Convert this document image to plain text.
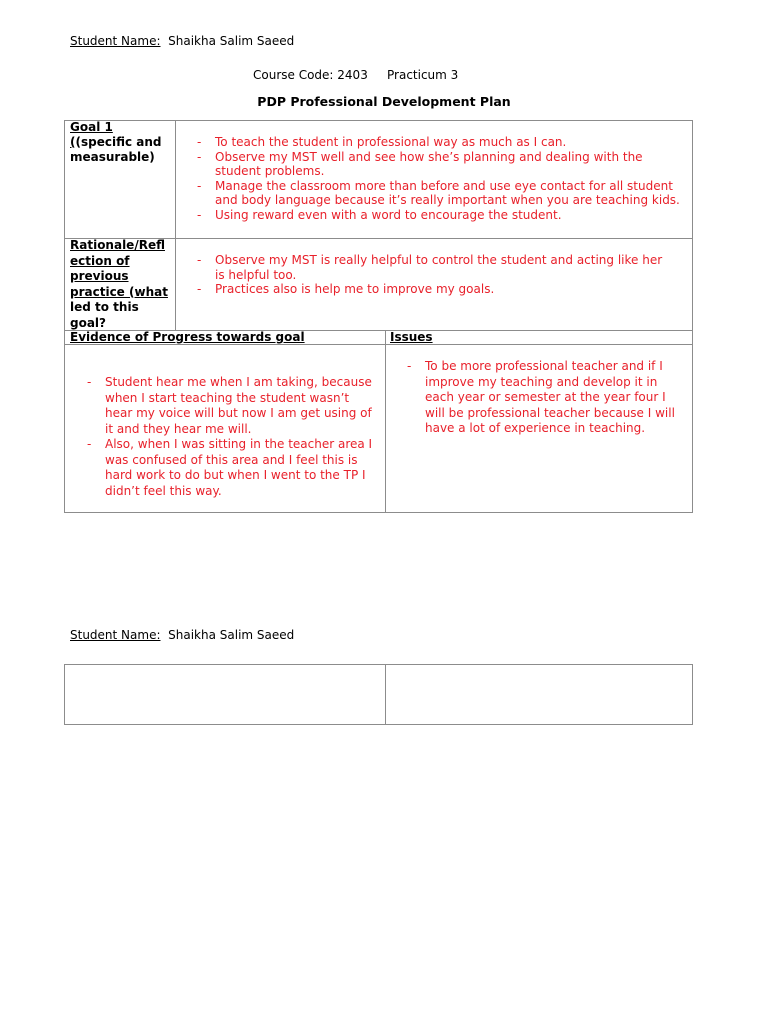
Student Name: Shaikha Salim Saeed
Course Code: 2403 Practicum 3
PDP Professional Development Plan
Goal 1
((specific and
measurable)
- To teach the student in professional way as much as I can.
- Observe my MST well and see how she’s planning and dealing with the student problems.
- Manage the classroom more than before and use eye contact for all student and body language because it’s really important when you are teaching kids.
- Using reward even with a word to encourage the student.
Rationale/Refl
ection of
previous
practice (what
led to this
goal?
- Observe my MST is really helpful to control the student and acting like her is helpful too.
- Practices also is help me to improve my goals.
Evidence of Progress towards goal	Issues
- Student hear me when I am taking, because when I start teaching the student wasn’t hear my voice will but now I am get using of it and they hear me will.
- Also, when I was sitting in the teacher area I was confused of this area and I feel this is hard work to do but when I went to the TP I didn’t feel this way.
- To be more professional teacher and if I improve my teaching and develop it in each year or semester at the year four I will be professional teacher because I will have a lot of experience in teaching.
Student Name: Shaikha Salim Saeed
